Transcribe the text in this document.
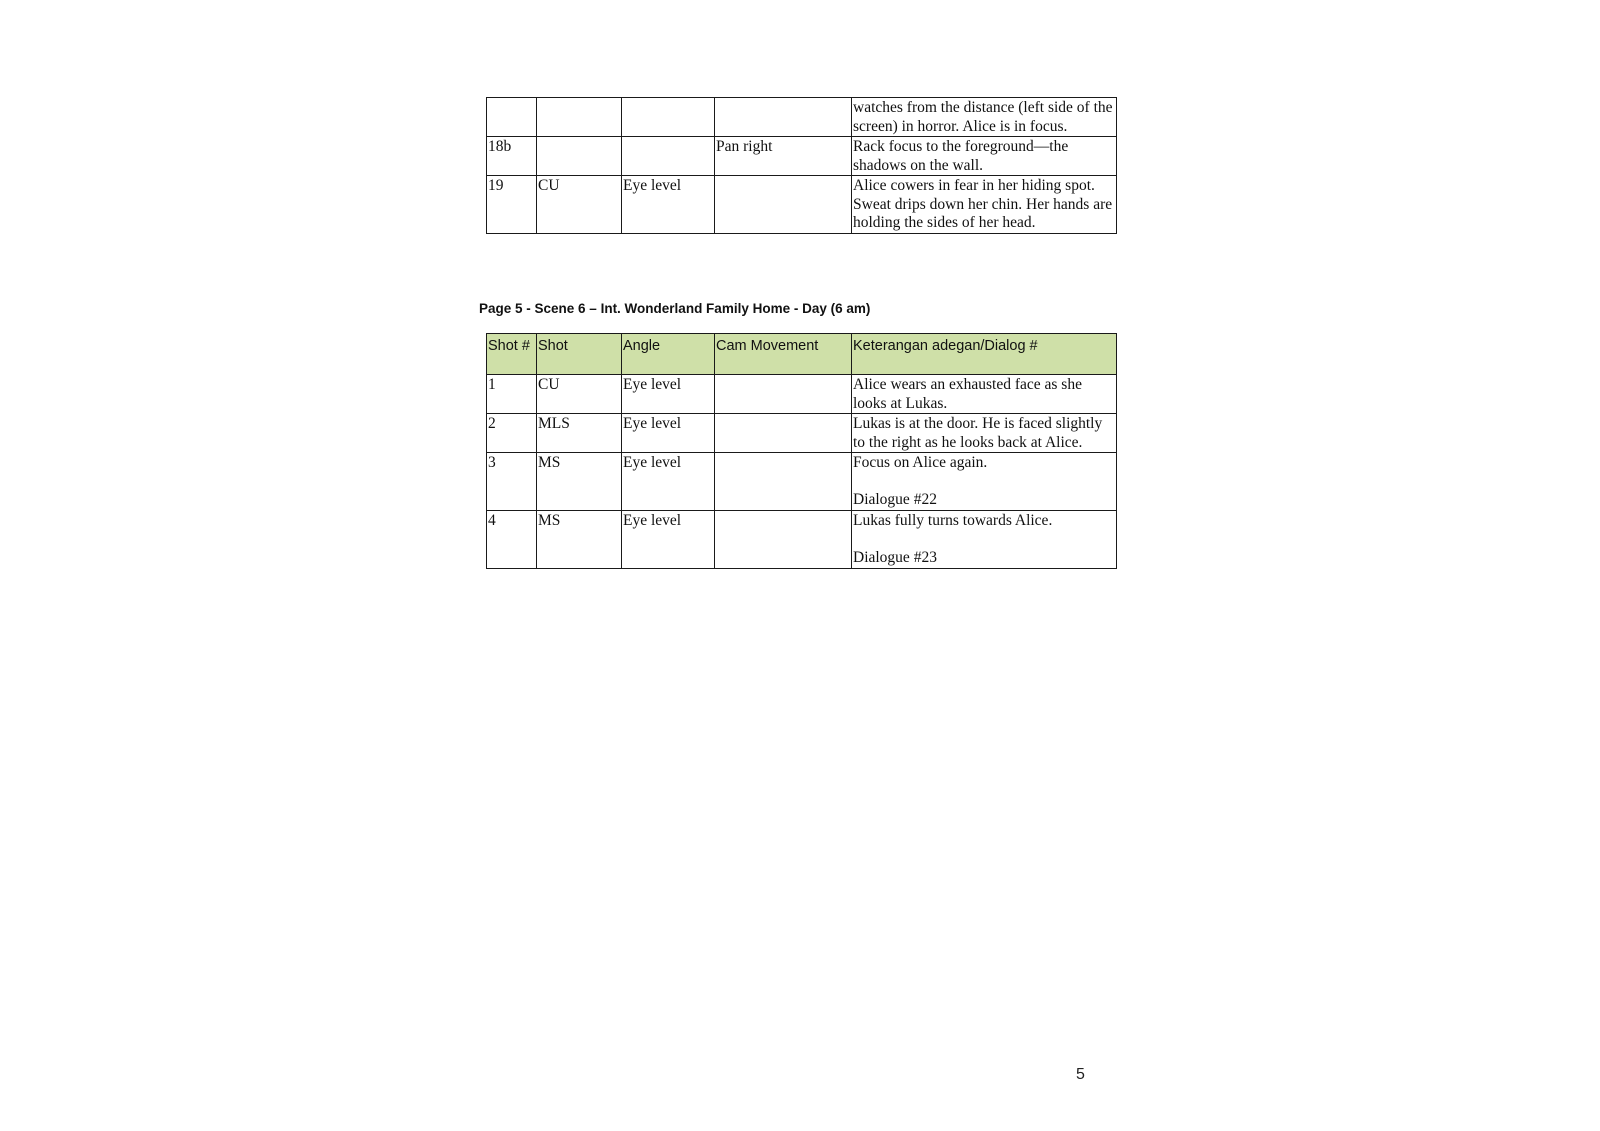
				watches from the distance (left side of the screen) in horror. Alice is in focus.
18b			Pan right	Rack focus to the foreground—the shadows on the wall.
19	CU	Eye level		Alice cowers in fear in her hiding spot. Sweat drips down her chin. Her hands are holding the sides of her head.
Page 5 - Scene 6 – Int. Wonderland Family Home - Day (6 am)
Shot #	Shot	Angle	Cam Movement	Keterangan adegan/Dialog #
1	CU	Eye level		Alice wears an exhausted face as she looks at Lukas.
2	MLS	Eye level		Lukas is at the door. He is faced slightly to the right as he looks back at Alice.
3	MS	Eye level		Focus on Alice again.

Dialogue #22
4	MS	Eye level		Lukas fully turns towards Alice.

Dialogue #23
5
